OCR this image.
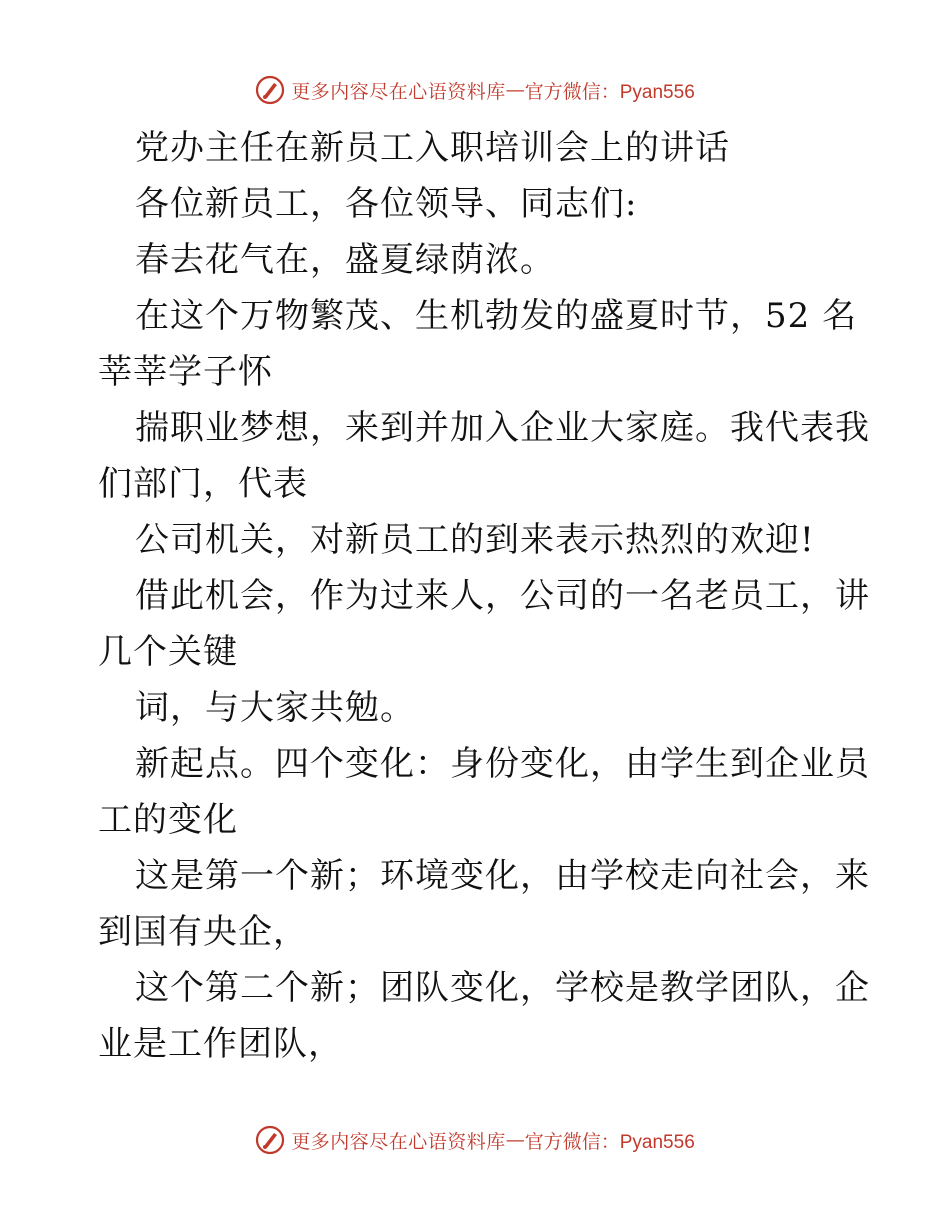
更多内容尽在心语资料库 — 官方微信：Pyan556
党办主任在新员工入职培训会上的讲话
各位新员工，各位领导、同志们:
春去花气在，盛夏绿荫浓。
在这个万物繁茂、生机勃发的盛夏时节，52 名
莘莘学子怀
揣职业梦想，来到并加入企业大家庭。我代表我
们部门，代表
公司机关，对新员工的到来表示热烈的欢迎!
借此机会，作为过来人，公司的一名老员工，讲
几个关键
词，与大家共勉。
新起点。四个变化：身份变化，由学生到企业员
工的变化
这是第一个新；环境变化，由学校走向社会，来
到国有央企，
这个第二个新；团队变化，学校是教学团队，企
业是工作团队，
更多内容尽在心语资料库 — 官方微信：Pyan556
